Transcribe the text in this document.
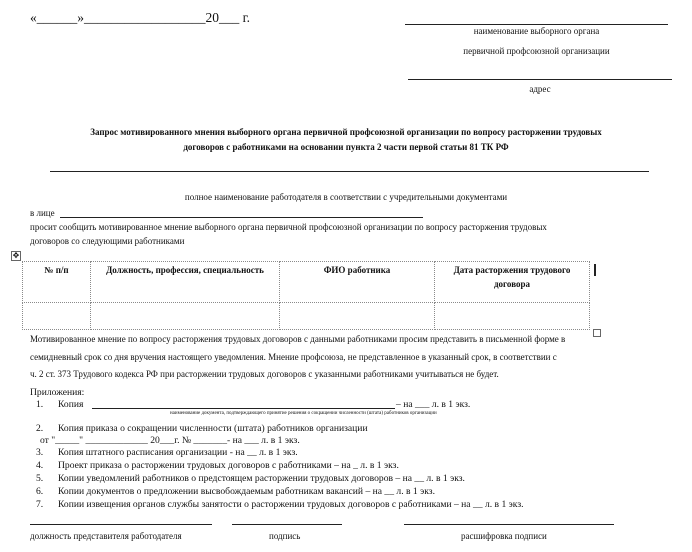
«______»__________________20___ г.
наименование выборного органа
первичной профсоюзной организации
адрес
Запрос мотивированного мнения выборного органа первичной профсоюзной организации по вопросу расторжении трудовых
договоров с работниками на основании пункта 2 части первой статьи 81 ТК РФ
полное наименование работодателя в соответствии с учредительными документами
в лице
просит сообщить мотивированное мнение выборного органа первичной профсоюзной организации по вопросу расторжения трудовых
договоров со следующими работниками
✥
№ п/п	Должность, профессия, специальность	ФИО работника	Дата расторжения трудового договора

Мотивированное мнение по вопросу расторжения трудовых договоров с данными работниками просим представить в письменной форме в
семидневный срок со дня вручения настоящего уведомления. Мнение профсоюза, не представленное в указанный срок, в соответствии с
ч. 2 ст. 373 Трудового кодекса РФ при расторжении трудовых договоров с указанными работниками учитываться не будет.
Приложения:
1. Копия	– на ___ л. в 1 экз.
наименование документа, подтверждающего принятие решения о сокращении численности (штата) работников организации
2. Копия приказа о сокращении численности (штата) работников организации
от "_____" _____________ 20___г. № _______- на ___ л. в 1 экз.
3. Копия штатного расписания организации - на __ л. в 1 экз.
4. Проект приказа о расторжении трудовых договоров с работниками – на _ л. в 1 экз.
5. Копии уведомлений работников о предстоящем расторжении трудовых договоров – на __ л. в 1 экз.
6. Копии документов о предложении высвобождаемым работникам вакансий – на __ л. в 1 экз.
7. Копии извещения органов службы занятости о расторжении трудовых договоров с работниками – на __ л. в 1 экз.
должность представителя работодателя	подпись	расшифровка подписи
